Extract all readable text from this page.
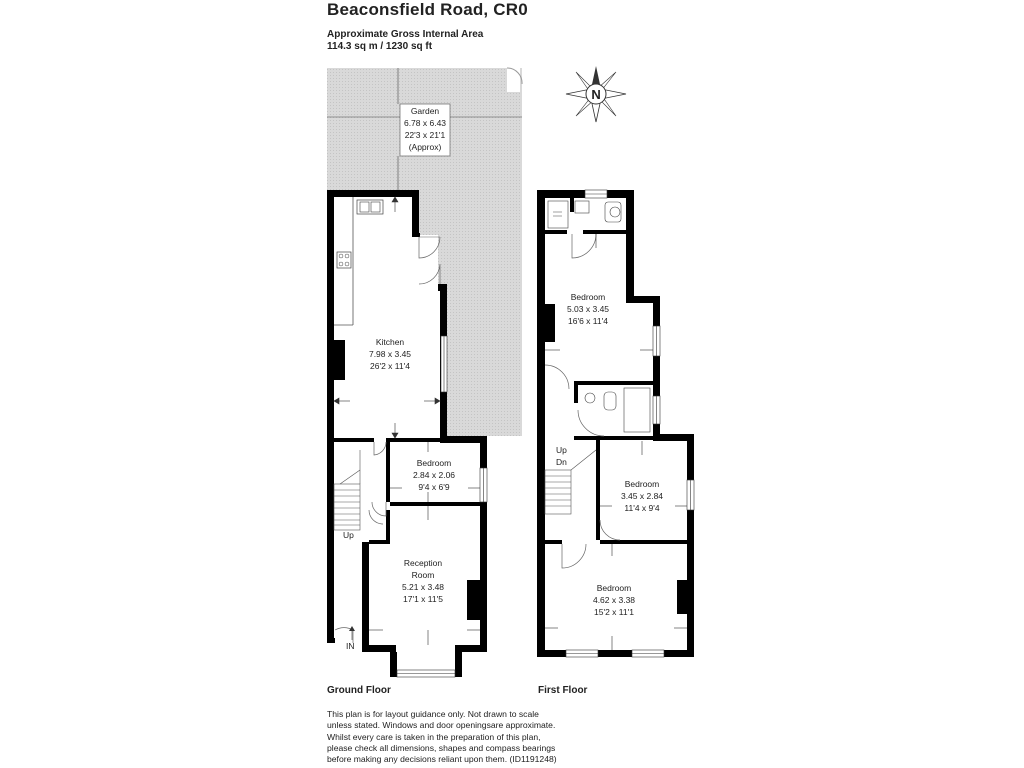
Beaconsfield Road, CR0
Approximate Gross Internal Area
114.3 sq m / 1230 sq ft
Garden
6.78 x 6.43
22'3 x 21'1
(Approx)
N
Up
IN
Kitchen
7.98 x 3.45
26'2 x 11'4
Bedroom
2.84 x 2.06
9'4 x 6'9
Reception
Room
5.21 x 3.48
17'1 x 11'5
Up
Dn
Bedroom
5.03 x 3.45
16'6 x 11'4
Bedroom
3.45 x 2.84
11'4 x 9'4
Bedroom
4.62 x 3.38
15'2 x 11'1
Ground Floor	First Floor
This plan is for layout guidance only. Not drawn to scale
unless stated. Windows and door openingsare approximate.
Whilst every care is taken in the preparation of this plan,
please check all dimensions, shapes and compass bearings
before making any decisions reliant upon them. (ID1191248)
